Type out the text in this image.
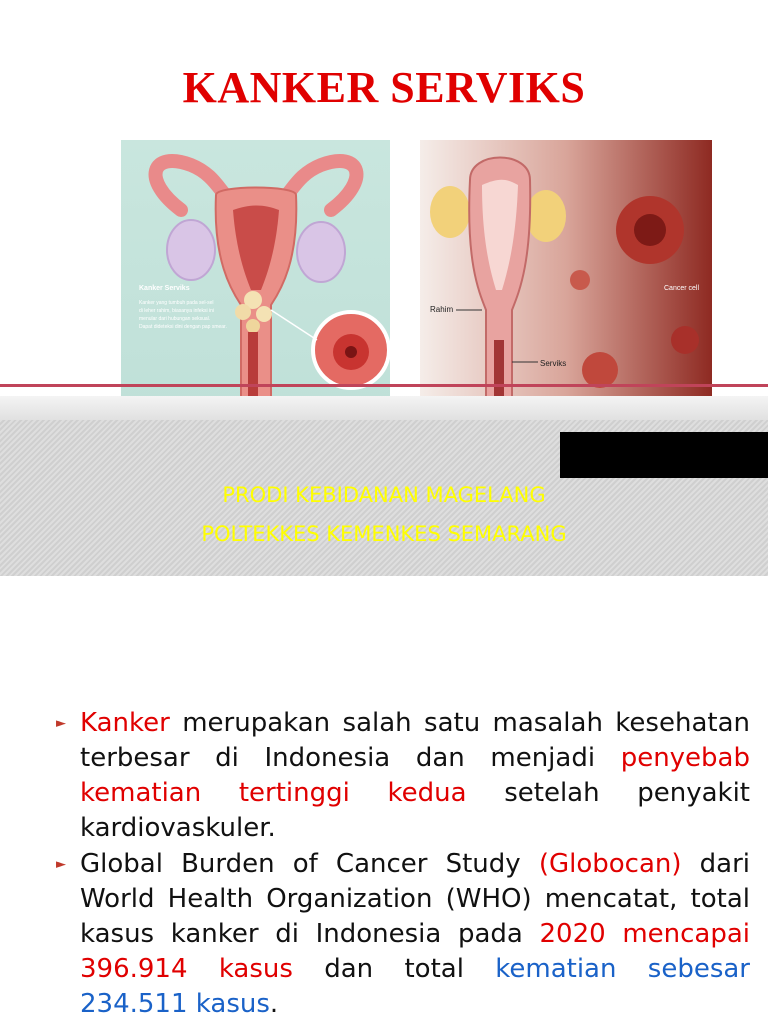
KANKER SERVIKS
Kanker Serviks
Kanker yang tumbuh pada sel-sel
di leher rahim, biasanya infeksi ini
menular dari hubungan seksual.
Dapat dideteksi dini dengan pap smear.
Rahim
Serviks
Cancer cell
PRODI KEBIDANAN MAGELANG
POLTEKKES KEMENKES SEMARANG
► Kanker merupakan salah satu masalah kesehatan terbesar di Indonesia dan menjadi penyebab kematian tertinggi kedua setelah penyakit kardiovaskuler.
► Global Burden of Cancer Study (Globocan) dari World Health Organization (WHO) mencatat, total kasus kanker di Indonesia pada 2020 mencapai 396.914 kasus dan total kematian sebesar 234.511 kasus.
